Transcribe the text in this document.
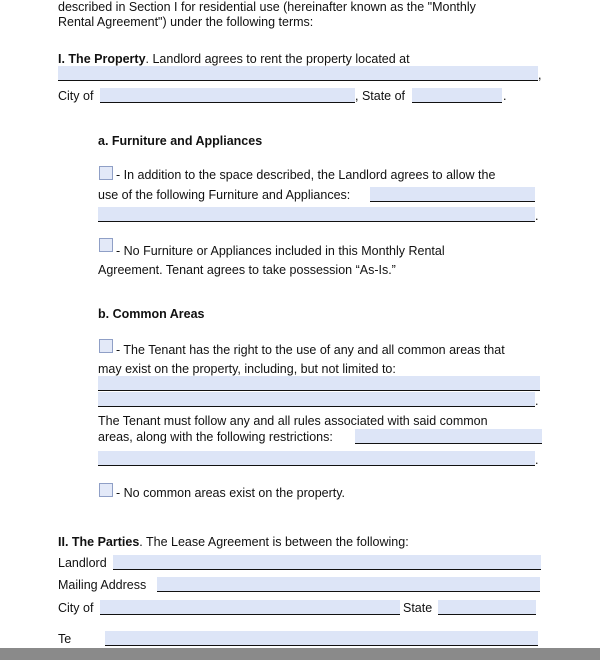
described in Section I for residential use (hereinafter known as the "Monthly
Rental Agreement") under the following terms:
I. The Property. Landlord agrees to rent the property located at
,
City of	, State of	.
a. Furniture and Appliances
- In addition to the space described, the Landlord agrees to allow the
use of the following Furniture and Appliances:
.
- No Furniture or Appliances included in this Monthly Rental
Agreement. Tenant agrees to take possession “As-Is.”
b. Common Areas
- The Tenant has the right to the use of any and all common areas that
may exist on the property, including, but not limited to:
.
The Tenant must follow any and all rules associated with said common
areas, along with the following restrictions:
.
- No common areas exist on the property.
II. The Parties. The Lease Agreement is between the following:
Landlord
Mailing Address
City of	State
Te
